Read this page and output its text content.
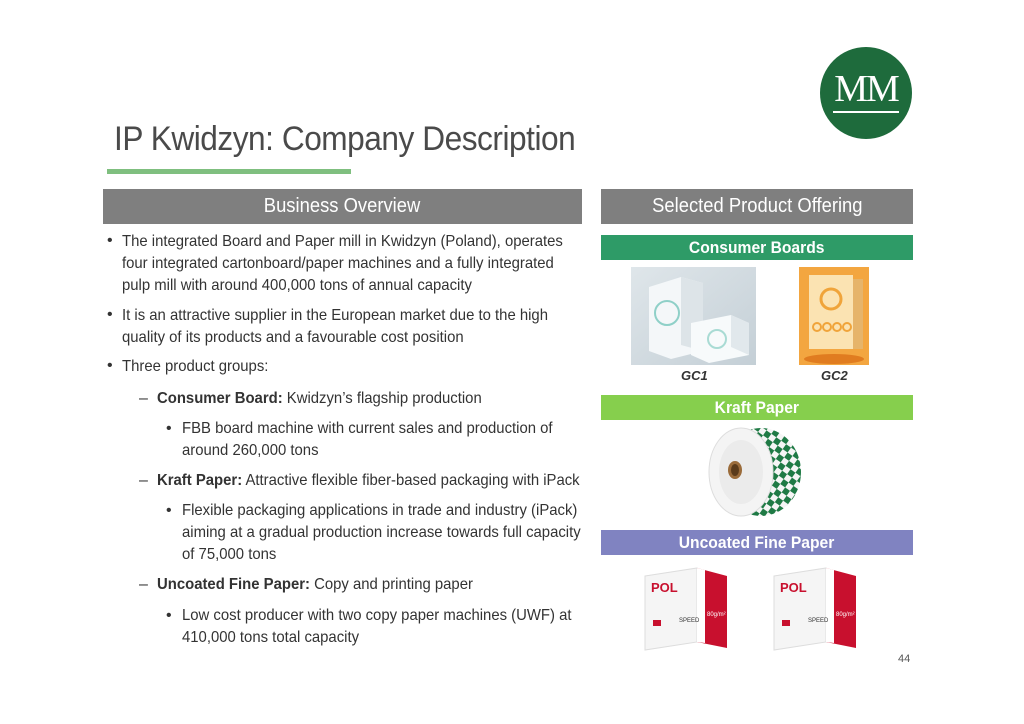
MM
IP Kwidzyn: Company Description
Business Overview	Selected Product Offering
• The integrated Board and Paper mill in Kwidzyn (Poland), operates
four integrated cartonboard/paper machines and a fully integrated
pulp mill with around 400,000 tons of annual capacity
• It is an attractive supplier in the European market due to the high
quality of its products and a favourable cost position
• Three product groups:
– Consumer Board: Kwidzyn’s flagship production
• FBB board machine with current sales and production of
around 260,000 tons
– Kraft Paper: Attractive flexible fiber-based packaging with iPack
• Flexible packaging applications in trade and industry (iPack)
aiming at a gradual production increase towards full capacity
of 75,000 tons
– Uncoated Fine Paper: Copy and printing paper
• Low cost producer with two copy paper machines (UWF) at
410,000 tons total capacity
Consumer Boards
GC1	GC2
Kraft Paper
Uncoated Fine Paper
POL
SPEED
80g/m²
POL
SPEED
80g/m²
44
